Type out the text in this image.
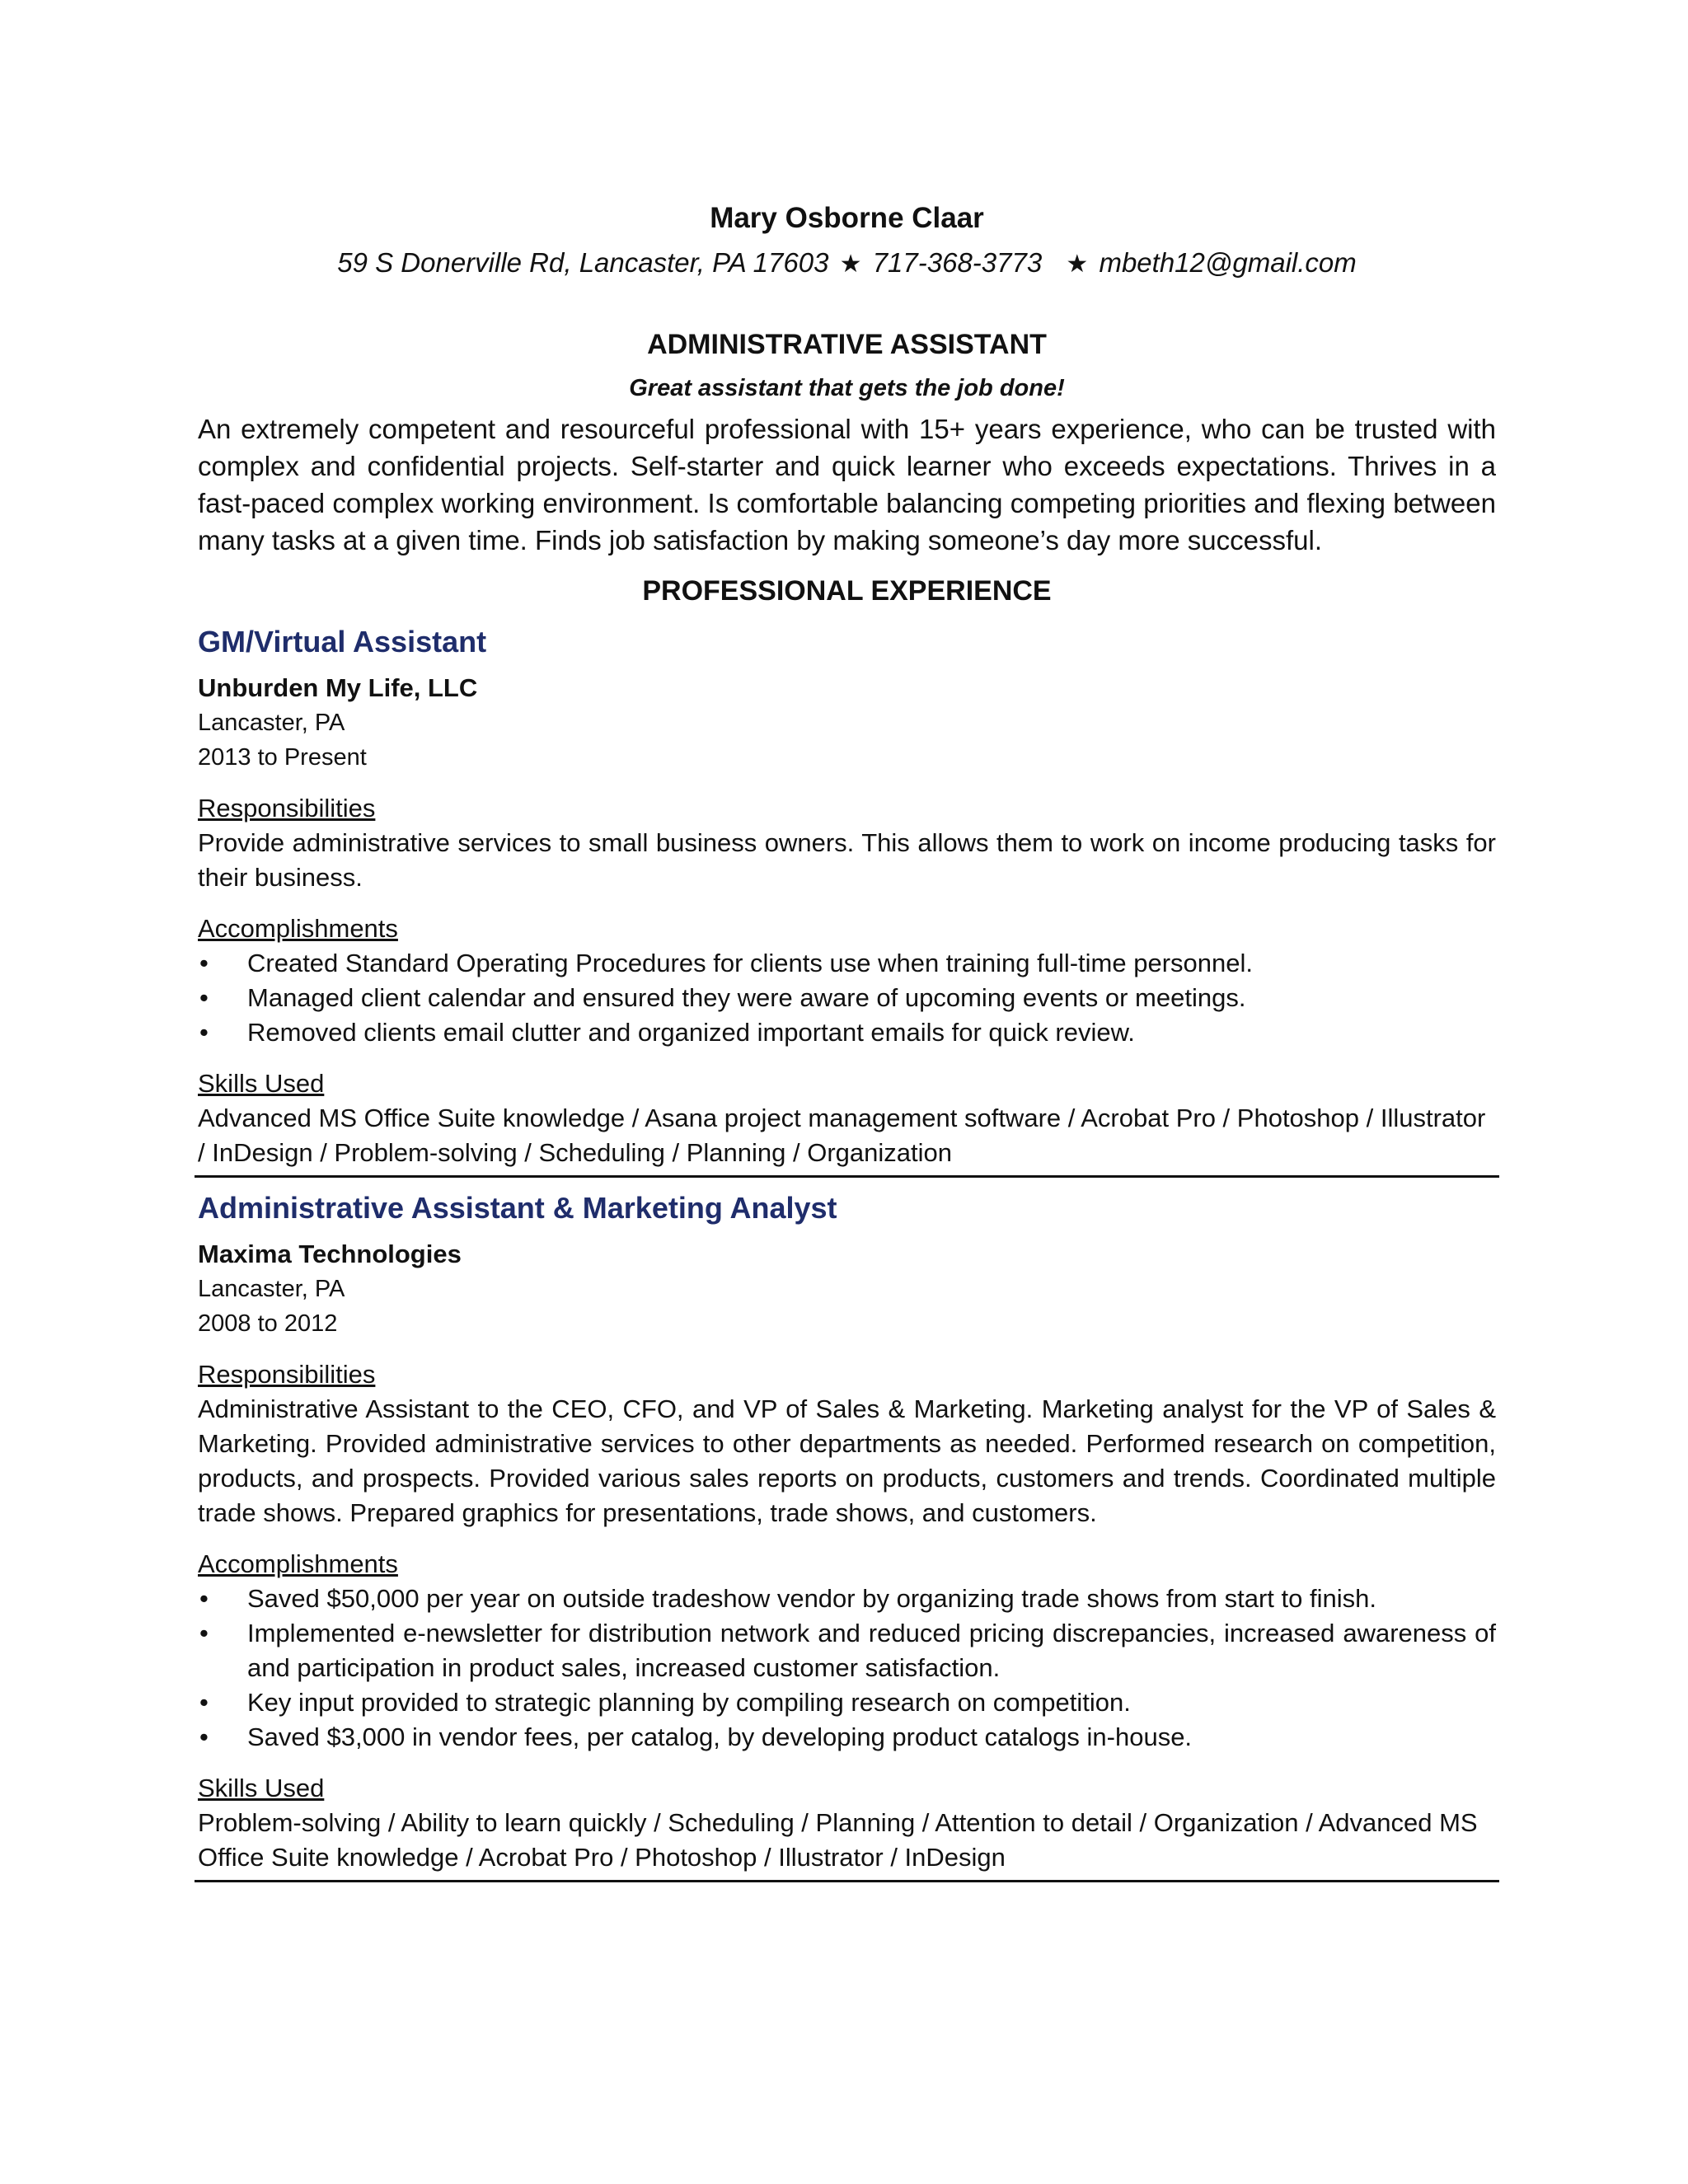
Mary Osborne Claar
59 S Donerville Rd, Lancaster, PA 17603 ★ 717-368-3773 ★ mbeth12@gmail.com
ADMINISTRATIVE ASSISTANT
Great assistant that gets the job done!
An extremely competent and resourceful professional with 15+ years experience, who can be trusted with complex and confidential projects. Self-starter and quick learner who exceeds expectations. Thrives in a fast-paced complex working environment. Is comfortable balancing competing priorities and flexing between many tasks at a given time. Finds job satisfaction by making someone’s day more successful.
PROFESSIONAL EXPERIENCE
GM/Virtual Assistant
Unburden My Life, LLC
Lancaster, PA
2013 to Present
Responsibilities
Provide administrative services to small business owners. This allows them to work on income producing tasks for their business.
Accomplishments
• Created Standard Operating Procedures for clients use when training full-time personnel.
• Managed client calendar and ensured they were aware of upcoming events or meetings.
• Removed clients email clutter and organized important emails for quick review.
Skills Used
Advanced MS Office Suite knowledge / Asana project management software / Acrobat Pro / Photoshop / Illustrator / InDesign / Problem-solving / Scheduling / Planning / Organization
Administrative Assistant & Marketing Analyst
Maxima Technologies
Lancaster, PA
2008 to 2012
Responsibilities
Administrative Assistant to the CEO, CFO, and VP of Sales & Marketing. Marketing analyst for the VP of Sales & Marketing. Provided administrative services to other departments as needed. Performed research on competition, products, and prospects. Provided various sales reports on products, customers and trends. Coordinated multiple trade shows. Prepared graphics for presentations, trade shows, and customers.
Accomplishments
• Saved $50,000 per year on outside tradeshow vendor by organizing trade shows from start to finish.
• Implemented e-newsletter for distribution network and reduced pricing discrepancies, increased awareness of and participation in product sales, increased customer satisfaction.
• Key input provided to strategic planning by compiling research on competition.
• Saved $3,000 in vendor fees, per catalog, by developing product catalogs in-house.
Skills Used
Problem-solving / Ability to learn quickly / Scheduling / Planning / Attention to detail / Organization / Advanced MS Office Suite knowledge / Acrobat Pro / Photoshop / Illustrator / InDesign
